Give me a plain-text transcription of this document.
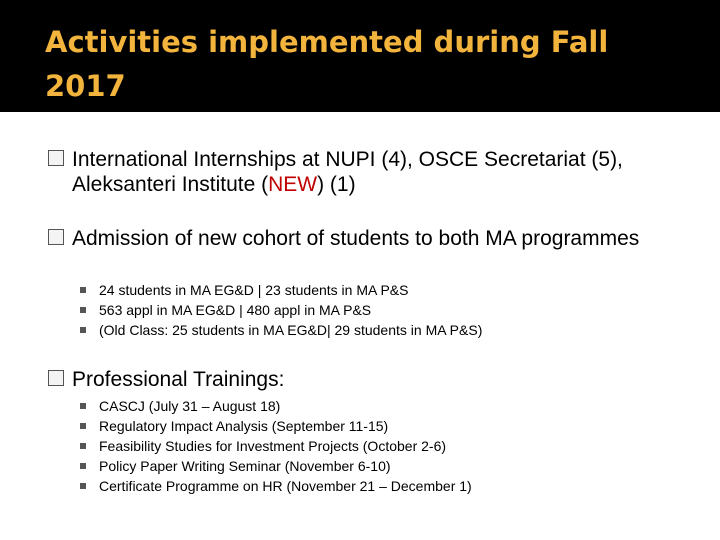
Activities implemented during Fall 2017
International Internships at NUPI (4), OSCE Secretariat (5), Aleksanteri Institute (NEW) (1)
Admission of new cohort of students to both MA programmes
24 students in MA EG&D | 23 students in MA P&S
563 appl in MA EG&D | 480 appl in MA P&S
(Old Class: 25 students in MA EG&D| 29 students in MA P&S)
Professional Trainings:
CASCJ (July 31 – August 18)
Regulatory Impact Analysis (September 11-15)
Feasibility Studies for Investment Projects (October 2-6)
Policy Paper Writing Seminar (November 6-10)
Certificate Programme on HR (November 21 – December 1)
